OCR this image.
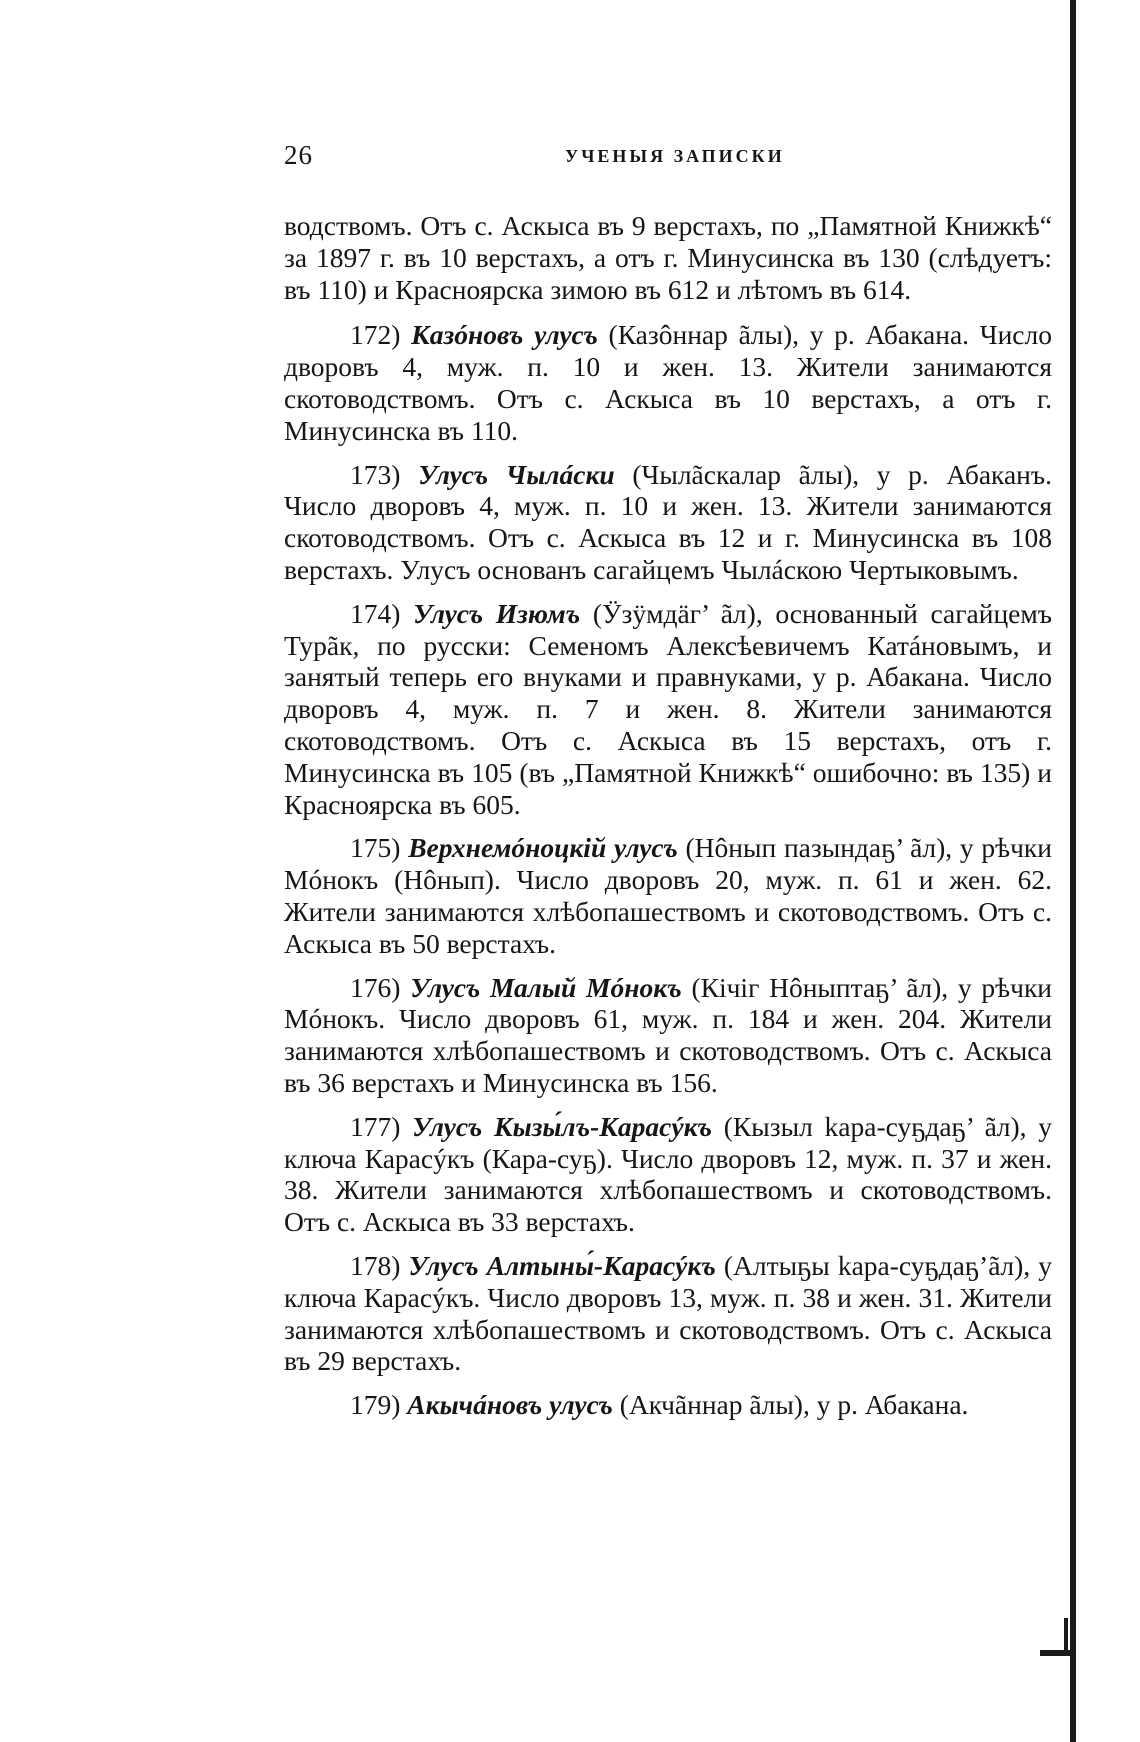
26	УЧЕНЫЯ ЗАПИСКИ

водствомъ. Отъ с. Аскыса въ 9 верстахъ, по „Памятной Книжкѣ“ за 1897 г. въ 10 верстахъ, а отъ г. Минусинска въ 130 (слѣдуетъ: въ 110) и Красноярска зимою въ 612 и лѣтомъ въ 614.

172) Казóновъ улусъ (Казôннар ãлы), у р. Абакана. Число дворовъ 4, муж. п. 10 и жен. 13. Жители занимаются скотоводствомъ. Отъ с. Аскыса въ 10 верстахъ, а отъ г. Минусинска въ 110.

173) Улусъ Чылáски (Чылãскалар ãлы), у р. Абаканъ. Число дворовъ 4, муж. п. 10 и жен. 13. Жители занимаются скотоводствомъ. Отъ с. Аскыса въ 12 и г. Минусинска въ 108 верстахъ. Улусъ основанъ сагайцемъ Чылáскою Чертыковымъ.

174) Улусъ Изюмъ (Ӱзӱмдäг’ ãл), основанный сагайцемъ Турãк, по русски: Семеномъ Алексѣевичемъ Катáновымъ, и занятый теперь его внуками и правнуками, у р. Абакана. Число дворовъ 4, муж. п. 7 и жен. 8. Жители занимаются скотоводствомъ. Отъ с. Аскыса въ 15 верстахъ, отъ г. Минусинска въ 105 (въ „Памятной Книжкѣ“ ошибочно: въ 135) и Красноярска въ 605.

175) Верхнемóноцкій улусъ (Нôнып пазындаҕ’ ãл), у рѣчки Мóнокъ (Нôнып). Число дворовъ 20, муж. п. 61 и жен. 62. Жители занимаются хлѣбопашествомъ и скотоводствомъ. Отъ с. Аскыса въ 50 верстахъ.

176) Улусъ Малый Мóнокъ (Кічіг Нôныптаҕ’ ãл), у рѣчки Мóнокъ. Число дворовъ 61, муж. п. 184 и жен. 204. Жители занимаются хлѣбопашествомъ и скотоводствомъ. Отъ с. Аскыса въ 36 верстахъ и Минусинска въ 156.

177) Улусъ Кызы́лъ-Карасýкъ (Кызыл kара-суҕдаҕ’ ãл), у ключа Карасýкъ (Кара-суҕ). Число дворовъ 12, муж. п. 37 и жен. 38. Жители занимаются хлѣбопашествомъ и скотоводствомъ. Отъ с. Аскыса въ 33 верстахъ.

178) Улусъ Алтыны́-Карасýкъ (Алтыҕы kара-суҕдаҕ’ãл), у ключа Карасýкъ. Число дворовъ 13, муж. п. 38 и жен. 31. Жители занимаются хлѣбопашествомъ и скотоводствомъ. Отъ с. Аскыса въ 29 верстахъ.

179) Акычáновъ улусъ (Акчãннар ãлы), у р. Абакана.
